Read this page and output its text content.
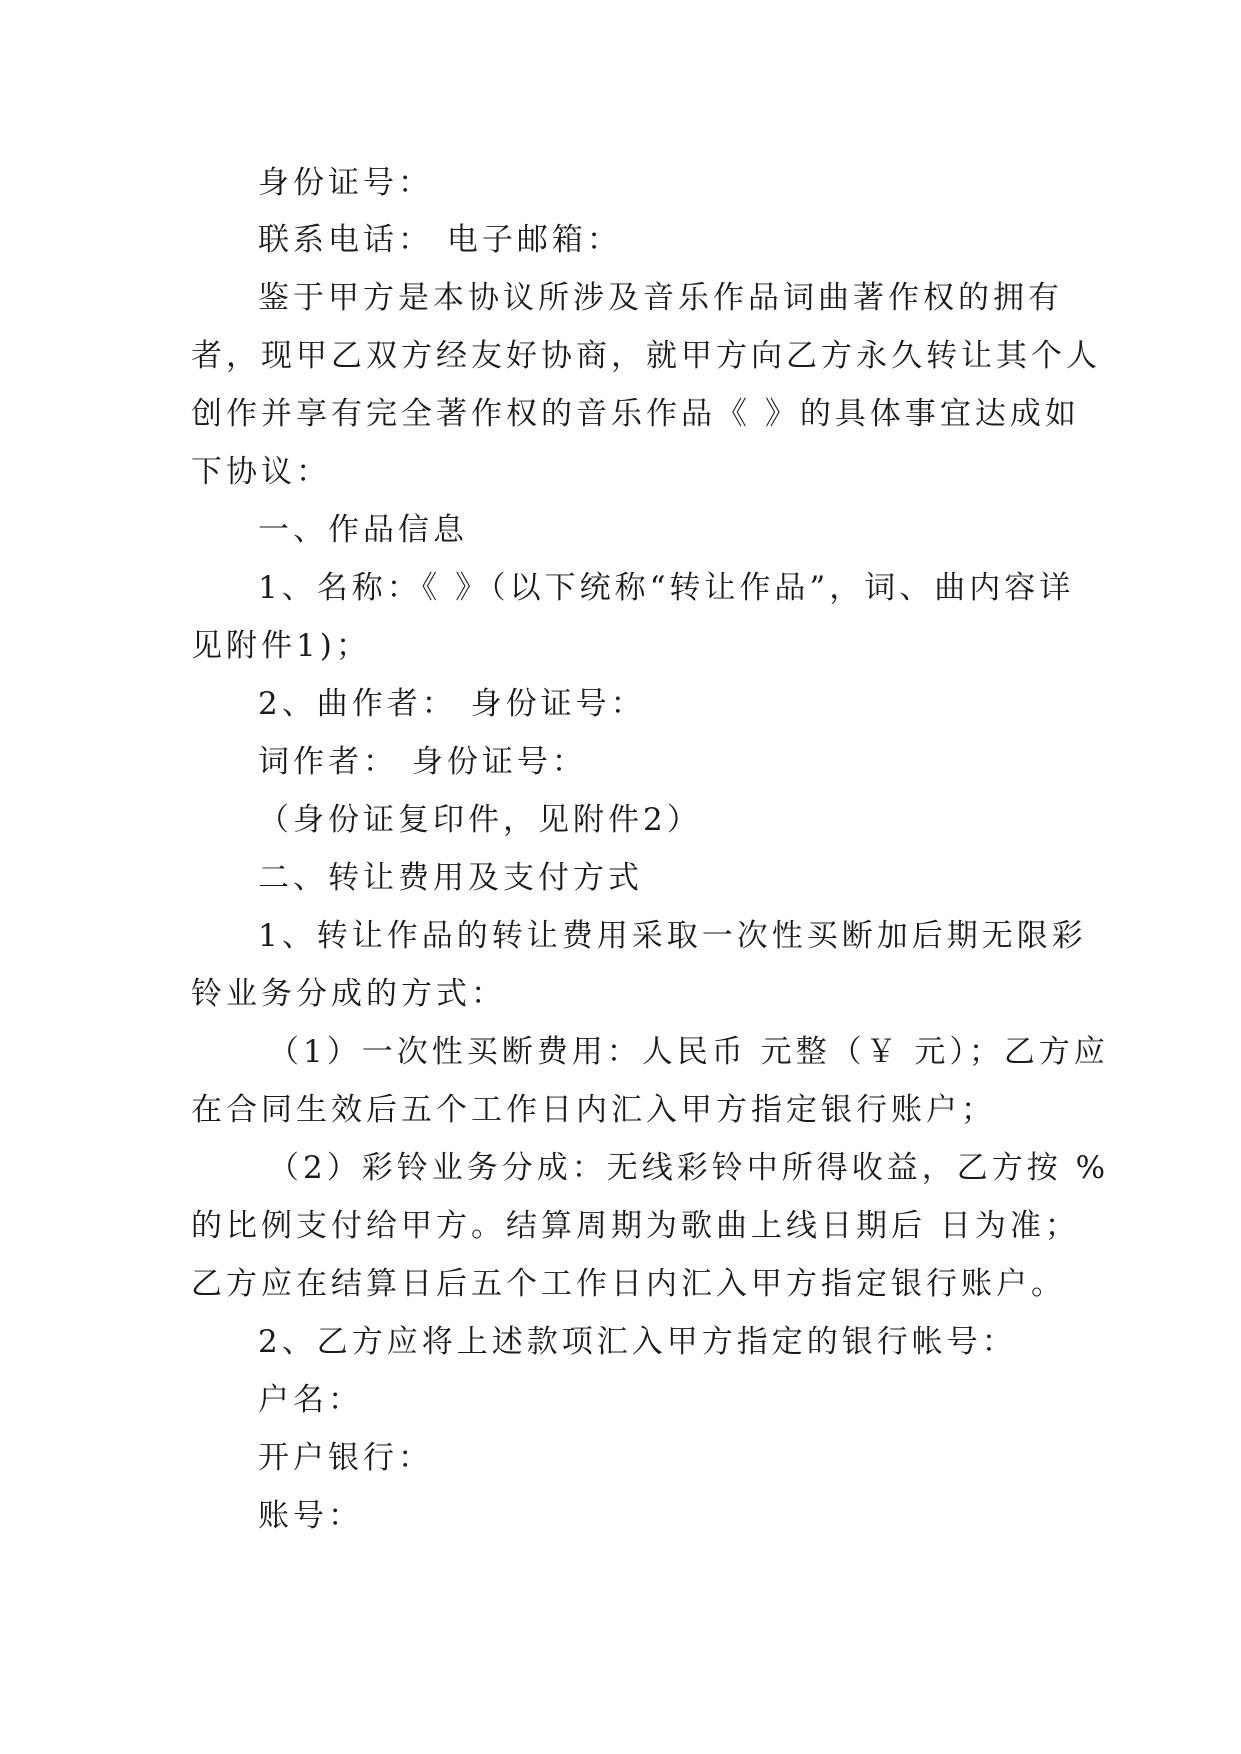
身份证号：
联系电话： 电子邮箱：
鉴于甲方是本协议所涉及音乐作品词曲著作权的拥有
者，现甲乙双方经友好协商，就甲方向乙方永久转让其个人
创作并享有完全著作权的音乐作品《 》的具体事宜达成如
下协议：
一、作品信息
1、名称：《 》（以下统称“转让作品”，词、曲内容详
见附件1)；
2、曲作者： 身份证号：
词作者： 身份证号：
（身份证复印件，见附件2）
二、转让费用及支付方式
1、转让作品的转让费用采取一次性买断加后期无限彩
铃业务分成的方式：
（1）一次性买断费用：人民币 元整（￥ 元）；乙方应
在合同生效后五个工作日内汇入甲方指定银行账户；
（2）彩铃业务分成：无线彩铃中所得收益，乙方按 %
的比例支付给甲方。结算周期为歌曲上线日期后 日为准；
乙方应在结算日后五个工作日内汇入甲方指定银行账户。
2、乙方应将上述款项汇入甲方指定的银行帐号：
户名：
开户银行：
账号：
